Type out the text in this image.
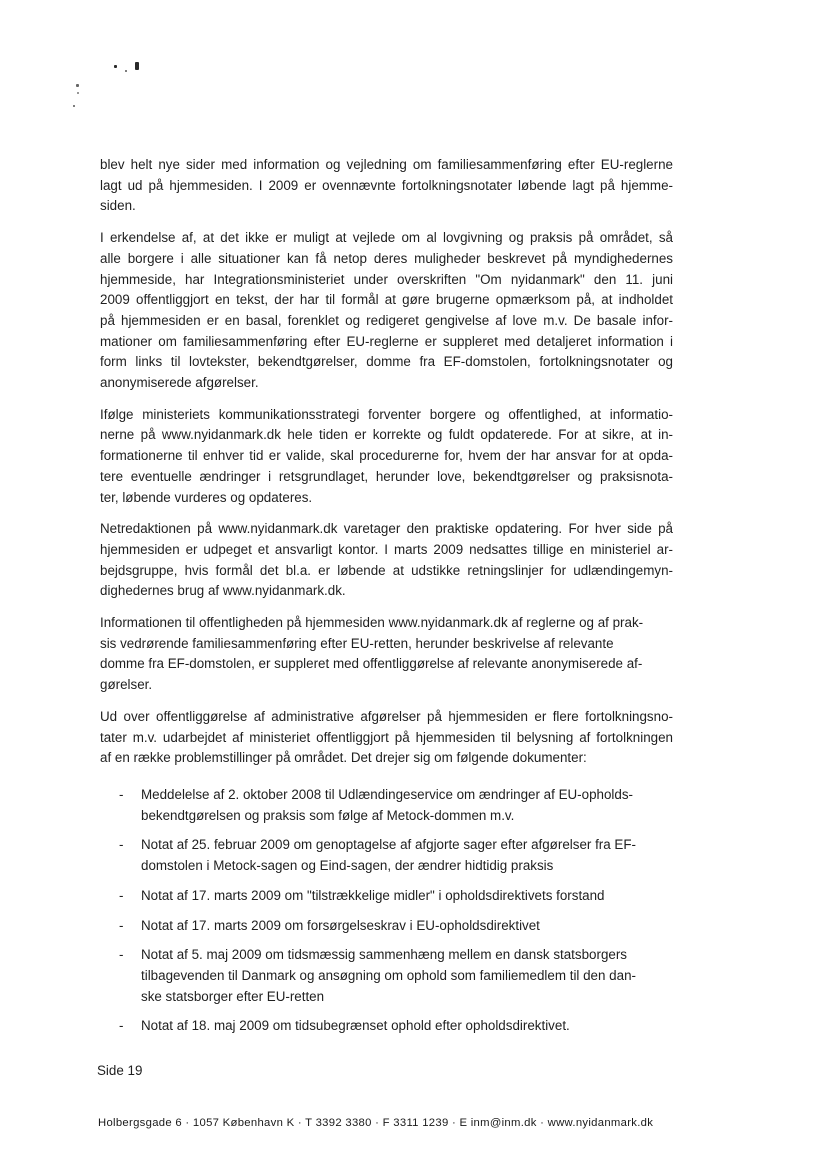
blev helt nye sider med information og vejledning om familiesammenføring efter EU-reglerne
lagt ud på hjemmesiden. I 2009 er ovennævnte fortolkningsnotater løbende lagt på hjemme-
siden.
I erkendelse af, at det ikke er muligt at vejlede om al lovgivning og praksis på området, så
alle borgere i alle situationer kan få netop deres muligheder beskrevet på myndighedernes
hjemmeside, har Integrationsministeriet under overskriften "Om nyidanmark" den 11. juni
2009 offentliggjort en tekst, der har til formål at gøre brugerne opmærksom på, at indholdet
på hjemmesiden er en basal, forenklet og redigeret gengivelse af love m.v. De basale infor-
mationer om familiesammenføring efter EU-reglerne er suppleret med detaljeret information i
form links til lovtekster, bekendtgørelser, domme fra EF-domstolen, fortolkningsnotater og
anonymiserede afgørelser.
Ifølge ministeriets kommunikationsstrategi forventer borgere og offentlighed, at informatio-
nerne på www.nyidanmark.dk hele tiden er korrekte og fuldt opdaterede. For at sikre, at in-
formationerne til enhver tid er valide, skal procedurerne for, hvem der har ansvar for at opda-
tere eventuelle ændringer i retsgrundlaget, herunder love, bekendtgørelser og praksisnota-
ter, løbende vurderes og opdateres.
Netredaktionen på www.nyidanmark.dk varetager den praktiske opdatering. For hver side på
hjemmesiden er udpeget et ansvarligt kontor. I marts 2009 nedsattes tillige en ministeriel ar-
bejdsgruppe, hvis formål det bl.a. er løbende at udstikke retningslinjer for udlændingemyn-
dighedernes brug af www.nyidanmark.dk.
Informationen til offentligheden på hjemmesiden www.nyidanmark.dk af reglerne og af prak-
sis vedrørende familiesammenføring efter EU-retten, herunder beskrivelse af relevante
domme fra EF-domstolen, er suppleret med offentliggørelse af relevante anonymiserede af-
gørelser.
Ud over offentliggørelse af administrative afgørelser på hjemmesiden er flere fortolkningsno-
tater m.v. udarbejdet af ministeriet offentliggjort på hjemmesiden til belysning af fortolkningen
af en række problemstillinger på området. Det drejer sig om følgende dokumenter:
- Meddelelse af 2. oktober 2008 til Udlændingeservice om ændringer af EU-opholds-
bekendtgørelsen og praksis som følge af Metock-dommen m.v.
- Notat af 25. februar 2009 om genoptagelse af afgjorte sager efter afgørelser fra EF-
domstolen i Metock-sagen og Eind-sagen, der ændrer hidtidig praksis
- Notat af 17. marts 2009 om "tilstrækkelige midler" i opholdsdirektivets forstand
- Notat af 17. marts 2009 om forsørgelseskrav i EU-opholdsdirektivet
- Notat af 5. maj 2009 om tidsmæssig sammenhæng mellem en dansk statsborgers
tilbagevenden til Danmark og ansøgning om ophold som familiemedlem til den dan-
ske statsborger efter EU-retten
- Notat af 18. maj 2009 om tidsubegrænset ophold efter opholdsdirektivet.
Side 19
Holbergsgade 6 · 1057 København K · T 3392 3380 · F 3311 1239 · E inm@inm.dk · www.nyidanmark.dk
